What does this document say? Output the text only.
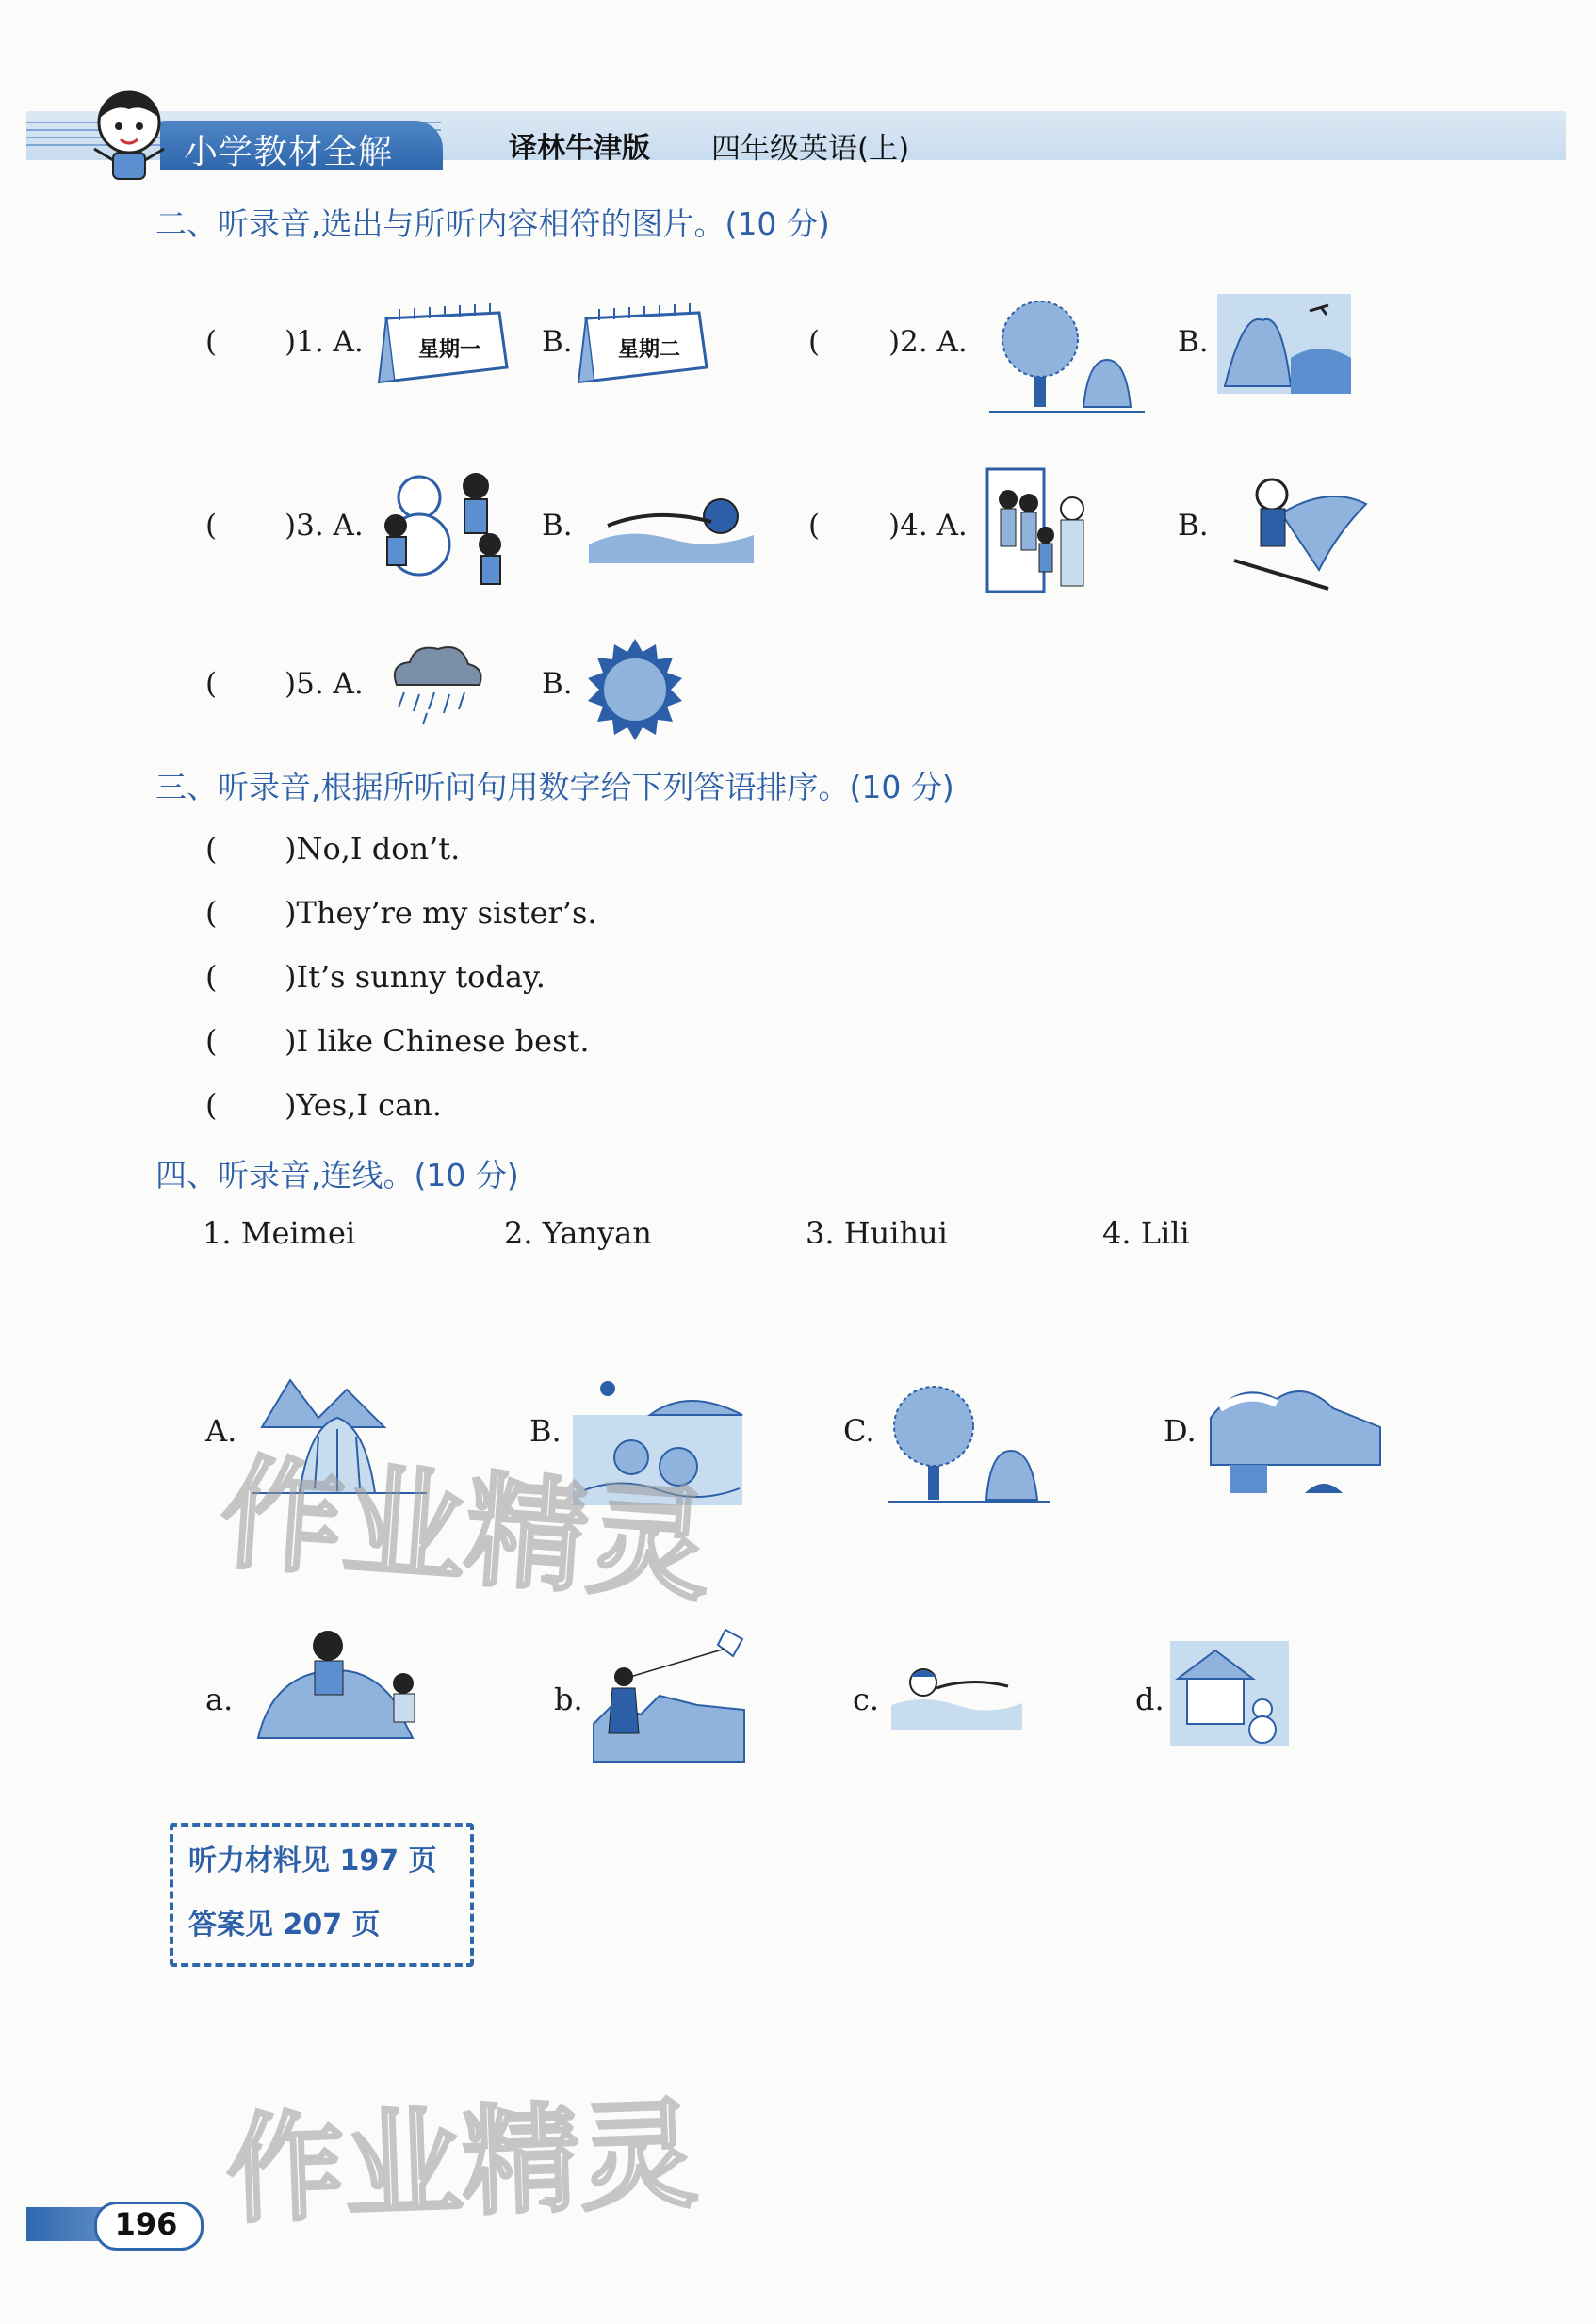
小学教材全解	译林牛津版 四年级英语(上)
二、听录音,选出与所听内容相符的图片。(10 分)
( )1. A.	星期一 B. 星期二	( )2. A.	B.
( )3. A.	B.	( )4. A.	B.
( )5. A.	B.
三、听录音,根据所听问句用数字给下列答语排序。(10 分)
( )No,I don’t.
( )They’re my sister’s.
( )It’s sunny today.
( )I like Chinese best.
( )Yes,I can.
四、听录音,连线。(10 分)
1. Meimei	2. Yanyan	3. Huihui	4. Lili
A.	B.	C.	D.
a.	b.	c.	d.
听力材料见 197 页
答案见 207 页
作业精灵
作业精灵
196
